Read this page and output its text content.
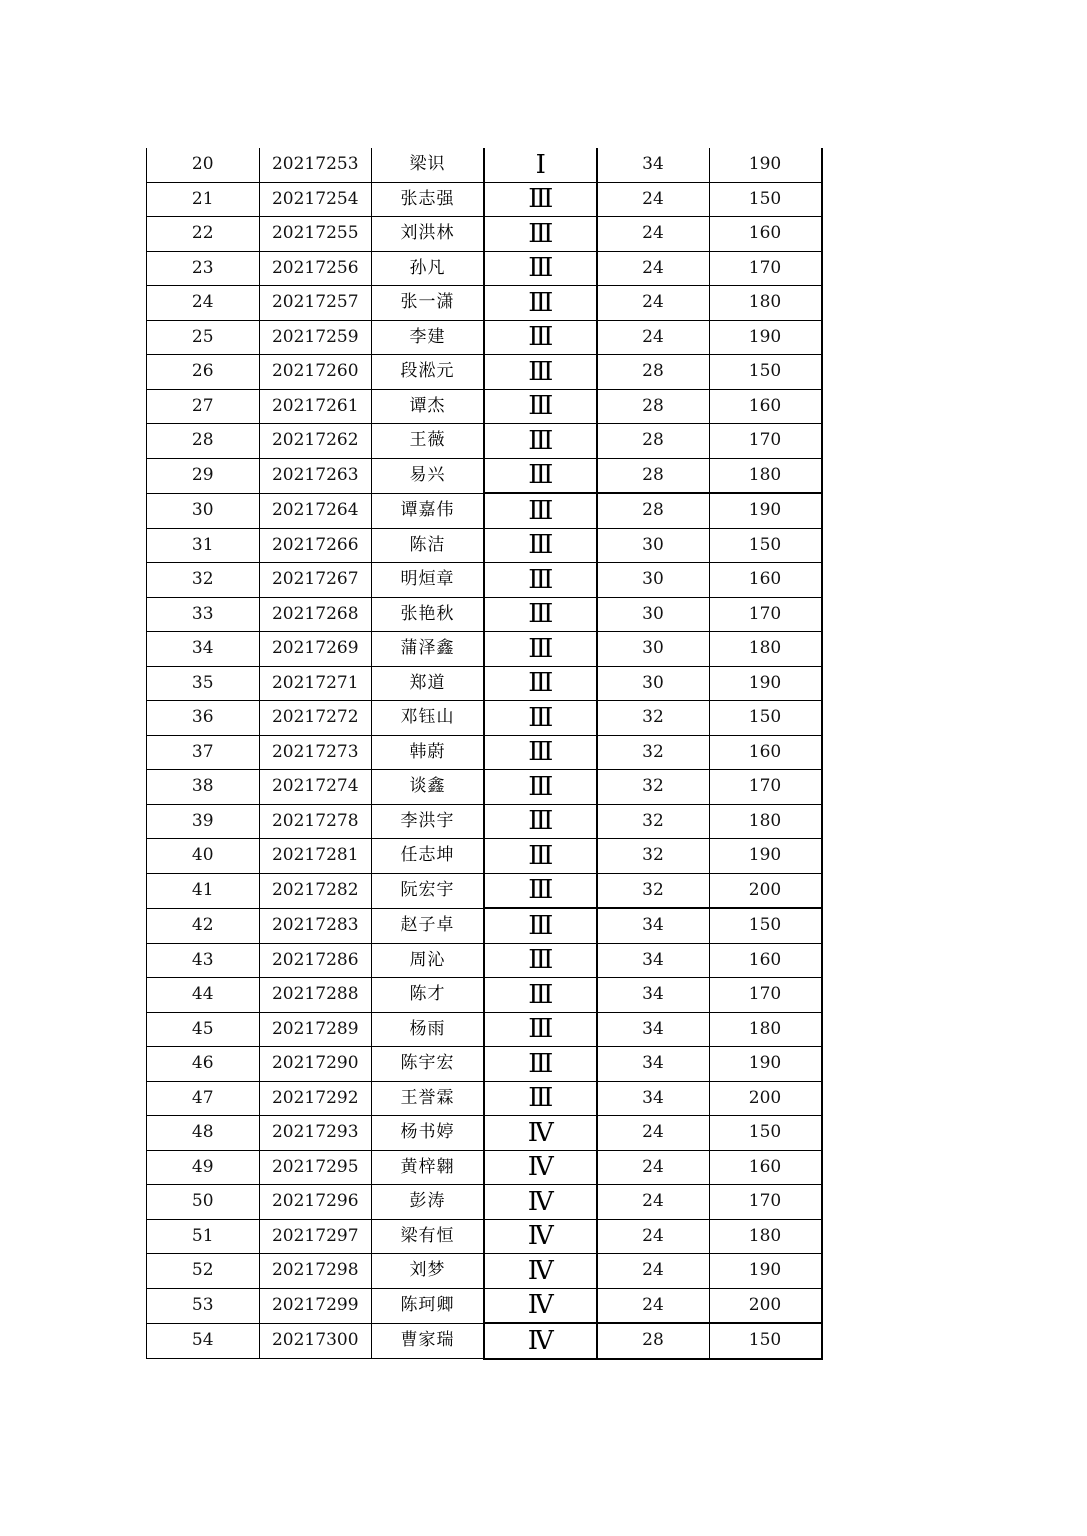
20	20217253	梁识	Ⅰ	34	190
21	20217254	张志强	Ⅲ	24	150
22	20217255	刘洪林	Ⅲ	24	160
23	20217256	孙凡	Ⅲ	24	170
24	20217257	张一潇	Ⅲ	24	180
25	20217259	李建	Ⅲ	24	190
26	20217260	段淞元	Ⅲ	28	150
27	20217261	谭杰	Ⅲ	28	160
28	20217262	王薇	Ⅲ	28	170
29	20217263	易兴	Ⅲ	28	180
30	20217264	谭嘉伟	Ⅲ	28	190
31	20217266	陈洁	Ⅲ	30	150
32	20217267	明烜章	Ⅲ	30	160
33	20217268	张艳秋	Ⅲ	30	170
34	20217269	蒲泽鑫	Ⅲ	30	180
35	20217271	郑道	Ⅲ	30	190
36	20217272	邓钰山	Ⅲ	32	150
37	20217273	韩蔚	Ⅲ	32	160
38	20217274	谈鑫	Ⅲ	32	170
39	20217278	李洪宇	Ⅲ	32	180
40	20217281	任志坤	Ⅲ	32	190
41	20217282	阮宏宇	Ⅲ	32	200
42	20217283	赵子卓	Ⅲ	34	150
43	20217286	周沁	Ⅲ	34	160
44	20217288	陈才	Ⅲ	34	170
45	20217289	杨雨	Ⅲ	34	180
46	20217290	陈宇宏	Ⅲ	34	190
47	20217292	王誉霖	Ⅲ	34	200
48	20217293	杨书婷	Ⅳ	24	150
49	20217295	黄梓翱	Ⅳ	24	160
50	20217296	彭涛	Ⅳ	24	170
51	20217297	梁有恒	Ⅳ	24	180
52	20217298	刘梦	Ⅳ	24	190
53	20217299	陈珂卿	Ⅳ	24	200
54	20217300	曹家瑞	Ⅳ	28	150
